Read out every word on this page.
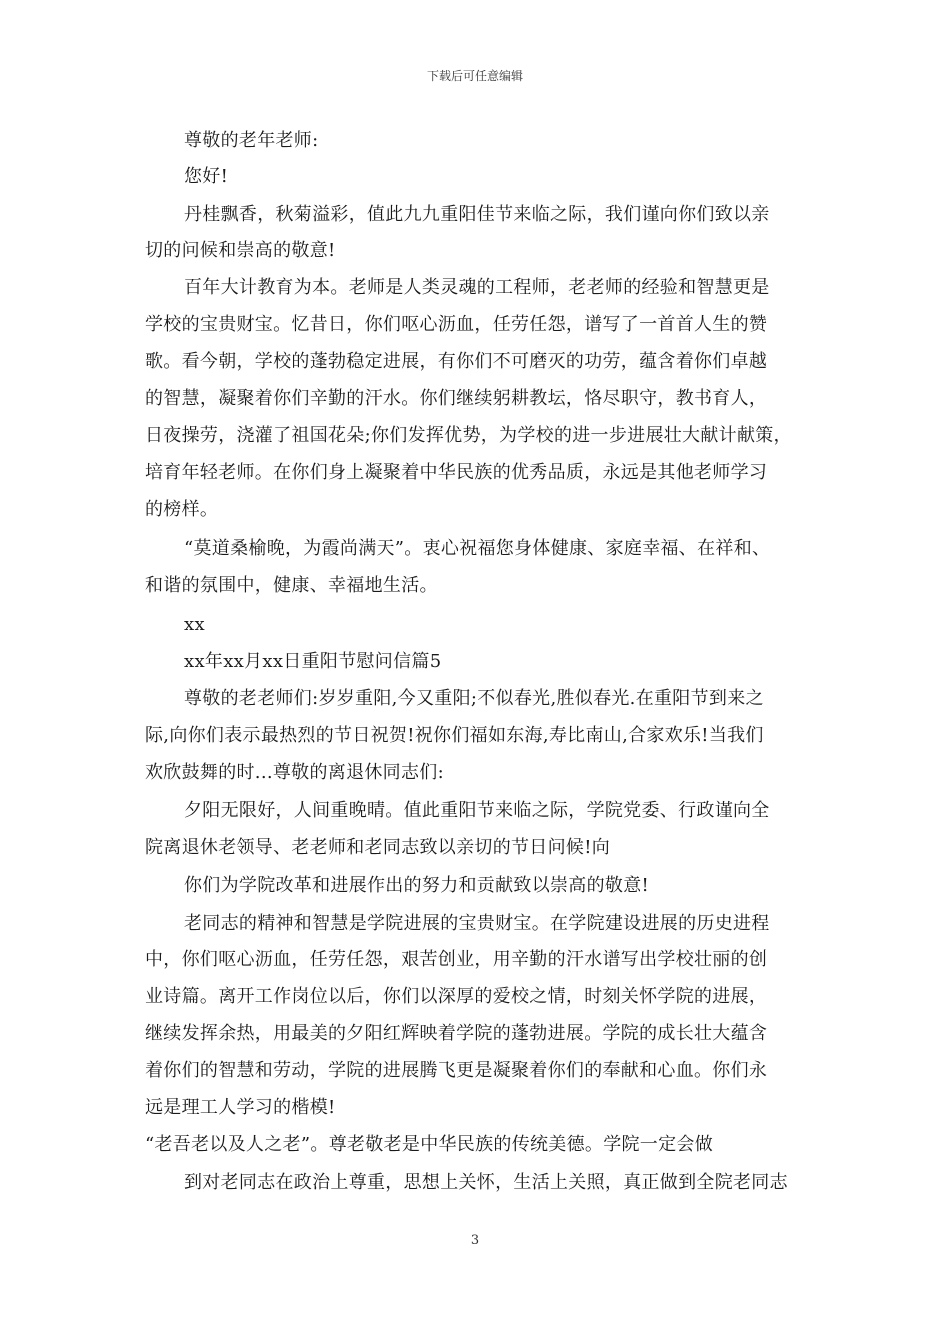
下载后可任意编辑
尊敬的老年老师:
您好!
丹桂飘香，秋菊溢彩，值此九九重阳佳节来临之际，我们谨向你们致以亲
切的问候和崇高的敬意!
百年大计教育为本。老师是人类灵魂的工程师，老老师的经验和智慧更是
学校的宝贵财宝。忆昔日，你们呕心沥血，任劳任怨，谱写了一首首人生的赞
歌。看今朝，学校的蓬勃稳定进展，有你们不可磨灭的功劳，蕴含着你们卓越
的智慧，凝聚着你们辛勤的汗水。你们继续躬耕教坛，恪尽职守，教书育人，
日夜操劳，浇灌了祖国花朵;你们发挥优势，为学校的进一步进展壮大献计献策，
培育年轻老师。在你们身上凝聚着中华民族的优秀品质，永远是其他老师学习
的榜样。
“莫道桑榆晚，为霞尚满天”。衷心祝福您身体健康、家庭幸福、在祥和、
和谐的氛围中，健康、幸福地生活。
xx
xx年xx月xx日重阳节慰问信篇5
尊敬的老老师们:岁岁重阳,今又重阳;不似春光,胜似春光.在重阳节到来之
际,向你们表示最热烈的节日祝贺!祝你们福如东海,寿比南山,合家欢乐!当我们
欢欣鼓舞的时...尊敬的离退休同志们:
夕阳无限好，人间重晚晴。值此重阳节来临之际，学院党委、行政谨向全
院离退休老领导、老老师和老同志致以亲切的节日问候!向
你们为学院改革和进展作出的努力和贡献致以崇高的敬意!
老同志的精神和智慧是学院进展的宝贵财宝。在学院建设进展的历史进程
中，你们呕心沥血，任劳任怨，艰苦创业，用辛勤的汗水谱写出学校壮丽的创
业诗篇。离开工作岗位以后，你们以深厚的爱校之情，时刻关怀学院的进展，
继续发挥余热，用最美的夕阳红辉映着学院的蓬勃进展。学院的成长壮大蕴含
着你们的智慧和劳动，学院的进展腾飞更是凝聚着你们的奉献和心血。你们永
远是理工人学习的楷模!
“老吾老以及人之老”。尊老敬老是中华民族的传统美德。学院一定会做
到对老同志在政治上尊重，思想上关怀，生活上关照，真正做到全院老同志
3
